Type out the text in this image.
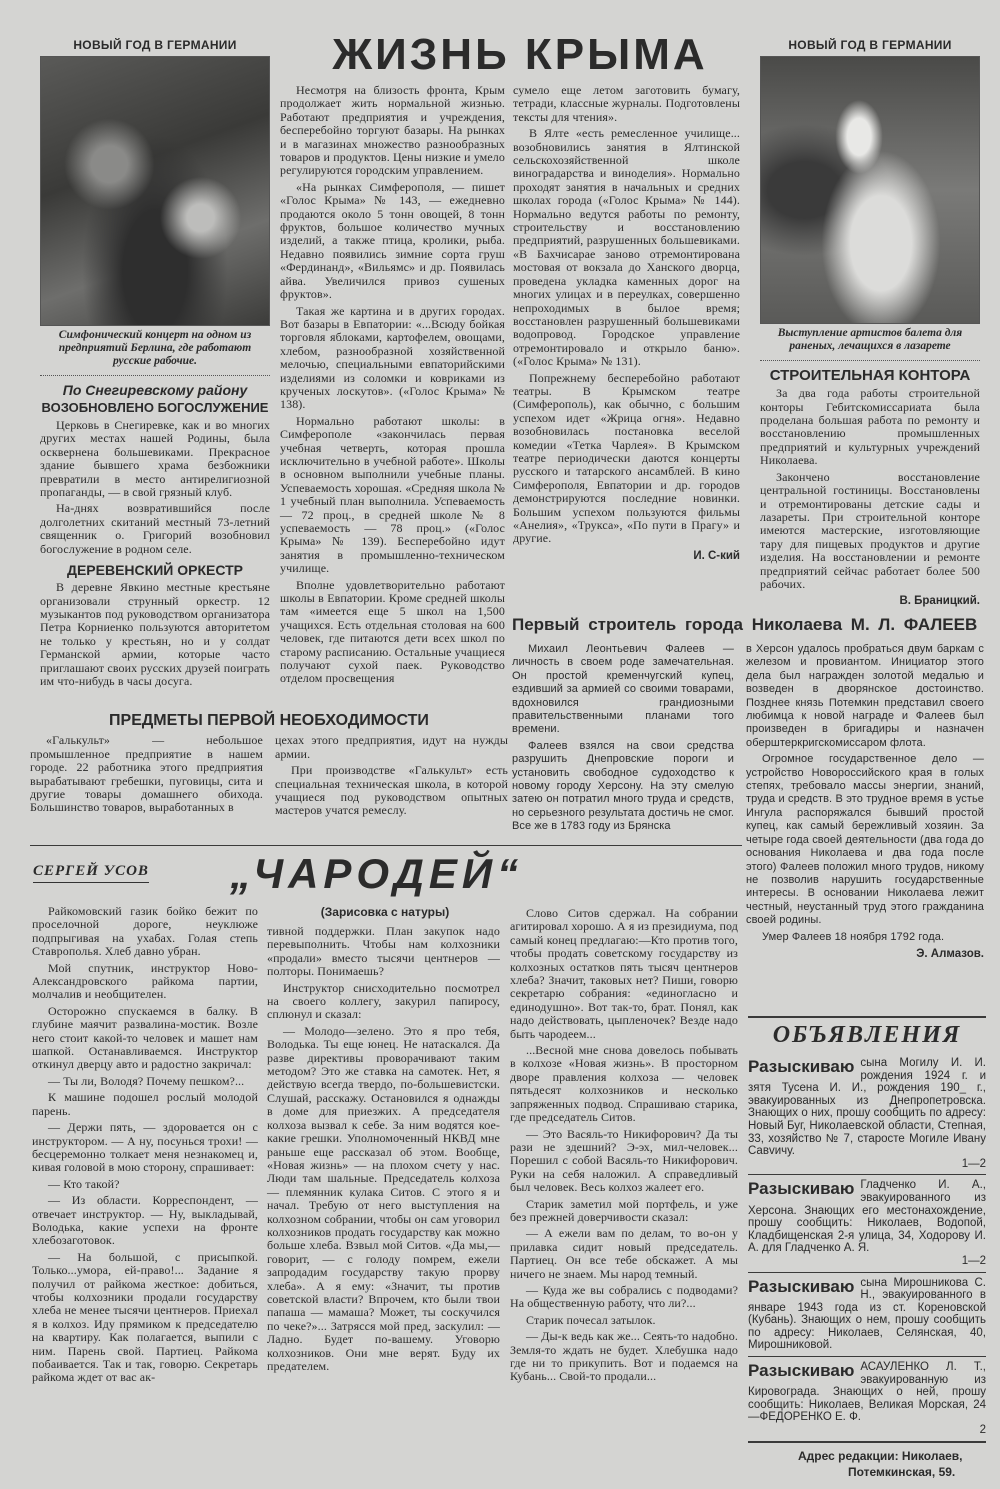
ЖИЗНЬ КРЫМА
НОВЫЙ ГОД В ГЕРМАНИИ
Симфонический концерт на одном из предприятий Берлина, где работают русские рабочие.
По Снегиревскому району
ВОЗОБНОВЛЕНО БОГОСЛУЖЕНИЕ

Церковь в Снегиревке, как и во многих других местах нашей Родины, была осквернена большевиками. Прекрасное здание бывшего храма безбожники превратили в место антирелигиозной пропаганды, — в свой грязный клуб.

На-днях возвратившийся после долголетних скитаний местный 73-летний священник о. Григорий возобновил богослужение в родном селе.

ДЕРЕВЕНСКИЙ ОРКЕСТР

В деревне Явкино местные крестьяне организовали струнный оркестр. 12 музыкантов под руководством организатора Петра Корниенко пользуются авторитетом не только у крестьян, но и у солдат Германской армии, которые часто приглашают своих русских друзей поиграть им что-нибудь в часы досуга.

Несмотря на близость фронта, Крым продолжает жить нормальной жизнью. Работают предприятия и учреждения, бесперебойно торгуют базары. На рынках и в магазинах множество разнообразных товаров и продуктов. Цены низкие и умело регулируются городским управлением.

«На рынках Симферополя, — пишет «Голос Крыма» № 143, — ежедневно продаются около 5 тонн овощей, 8 тонн фруктов, большое количество мучных изделий, а также птица, кролики, рыба. Недавно появились зимние сорта груш «Фердинанд», «Вильямс» и др. Появилась айва. Увеличился привоз сушеных фруктов».

Такая же картина и в других городах. Вот базары в Евпатории: «...Всюду бойкая торговля яблоками, картофелем, овощами, хлебом, разнообразной хозяйственной мелочью, специальными евпаторийскими изделиями из соломки и ковриками из крученых лоскутов». («Голос Крыма» № 138).

Нормально работают школы: в Симферополе «закончилась первая учебная четверть, которая прошла исключительно в учебной работе». Школы в основном выполнили учебные планы. Успеваемость хорошая. «Средняя школа № 1 учебный план выполнила. Успеваемость — 72 проц., в средней школе № 8 успеваемость — 78 проц.» («Голос Крыма» № 139). Бесперебойно идут занятия в промышленно-техническом училище.

Вполне удовлетворительно работают школы в Евпатории. Кроме средней школы там «имеется еще 5 школ на 1,500 учащихся. Есть отдельная столовая на 600 человек, где питаются дети всех школ по старому расписанию. Остальные учащиеся получают сухой паек. Руководство отделом просвещения

сумело еще летом заготовить бумагу, тетради, классные журналы. Подготовлены тексты для чтения».

В Ялте «есть ремесленное училище... возобновились занятия в Ялтинской сельскохозяйственной школе виноградарства и виноделия». Нормально проходят занятия в начальных и средних школах города («Голос Крыма» № 144). Нормально ведутся работы по ремонту, строительству и восстановлению предприятий, разрушенных большевиками. «В Бахчисарае заново отремонтирована мостовая от вокзала до Ханского дворца, проведена укладка каменных дорог на многих улицах и в переулках, совершенно непроходимых в былое время; восстановлен разрушенный большевиками водопровод. Городское управление отремонтировало и открыло баню». («Голос Крыма» № 131).

Попрежнему бесперебойно работают театры. В Крымском театре (Симферополь), как обычно, с большим успехом идет «Жрица огня». Недавно возобновилась постановка веселой комедии «Тетка Чарлея». В Крымском театре периодически даются концерты русского и татарского ансамблей. В кино Симферополя, Евпатории и др. городов демонстрируются последние новинки. Большим успехом пользуются фильмы «Анелия», «Трукса», «По пути в Прагу» и другие.

И. С-кий
НОВЫЙ ГОД В ГЕРМАНИИ
Выступление артистов балета для раненых, лечащихся в лазарете
СТРОИТЕЛЬНАЯ КОНТОРА

За два года работы строительной конторы Гебитскомиссариата была проделана большая работа по ремонту и восстановлению промышленных предприятий и культурных учреждений Николаева.

Закончено восстановление центральной гостиницы. Восстановлены и отремонтированы детские сады и лазареты. При строительной конторе имеются мастерские, изготовляющие тару для пищевых продуктов и другие изделия. На восстановлении и ремонте предприятий сейчас работает более 500 рабочих.

В. Браницкий.
ПРЕДМЕТЫ ПЕРВОЙ НЕОБХОДИМОСТИ

«Галькульт» — небольшое промышленное предприятие в нашем городе. 22 работника этого предприятия вырабатывают гребешки, пуговицы, сита и другие товары домашнего обихода. Большинство товаров, выработанных в

цехах этого предприятия, идут на нужды армии.

При производстве «Галькульт» есть специальная техническая школа, в которой учащиеся под руководством опытных мастеров учатся ремеслу.

Первый строитель города Николаева М. Л. ФАЛЕЕВ

Михаил Леонтьевич Фалеев — личность в своем роде замечательная. Он простой кременчугский купец, ездивший за армией со своими товарами, вдохновился грандиозными правительственными планами того времени.

Фалеев взялся на свои средства разрушить Днепровские пороги и установить свободное судоходство к новому городу Херсону. На эту смелую затею он потратил много труда и средств, но серьезного результата достичь не смог. Все же в 1783 году из Брянска

в Херсон удалось пробраться двум баркам с железом и провиантом. Инициатор этого дела был награжден золотой медалью и возведен в дворянское достоинство. Позднее князь Потемкин представил своего любимца к новой награде и Фалеев был произведен в бригадиры и назначен оберштеркригскомиссаром флота.

Огромное государственное дело — устройство Новороссийского края в голых степях, требовало массы энергии, знаний, труда и средств. В это трудное время в устье Ингула распоряжался бывший простой купец, как самый бережливый хозяин. За четыре года своей деятельности (два года до основания Николаева и два года после этого) Фалеев положил много трудов, никому не позволив нарушить государственные интересы. В основании Николаева лежит честный, неустанный труд этого гражданина своей родины.

Умер Фалеев 18 ноября 1792 года.

Э. Алмазов.
СЕРГЕЙ УСОВ „ЧАРОДЕЙ“
(Зарисовка с натуры)

Райкомовский газик бойко бежит по проселочной дороге, неуклюже подпрыгивая на ухабах. Голая степь Ставрополья. Хлеб давно убран.

Мой спутник, инструктор Ново-Александровского райкома партии, молчалив и необщителен.

Осторожно спускаемся в балку. В глубине маячит развалина-мостик. Возле него стоит какой-то человек и машет нам шапкой. Останавливаемся. Инструктор откинул дверцу авто и радостно закричал:

— Ты ли, Володя? Почему пешком?...

К машине подошел рослый молодой парень.

— Держи пять, — здоровается он с инструктором. — А ну, посунься трохи! — бесцеремонно толкает меня незнакомец и, кивая головой в мою сторону, спрашивает:

— Кто такой?

— Из области. Корреспондент, — отвечает инструктор. — Ну, выкладывай, Володька, какие успехи на фронте хлебозаготовок.

— На большой, с присыпкой. Только...умора, ей-право!... Задание я получил от райкома жесткое: добиться, чтобы колхозники продали государству хлеба не менее тысячи центнеров. Приехал я в колхоз. Иду прямиком к председателю на квартиру. Как полагается, выпили с ним. Парень свой. Партиец. Райкома побаивается. Так и так, говорю. Секретарь райкома ждет от вас ак-

тивной поддержки. План закупок надо перевыполнить. Чтобы нам колхозники «продали» вместо тысячи центнеров — полторы. Понимаешь?

Инструктор снисходительно посмотрел на своего коллегу, закурил папиросу, сплюнул и сказал:

— Молодо—зелено. Это я про тебя, Володька. Ты еще юнец. Не натаскался. Да разве директивы проворачивают таким методом? Это же ставка на самотек. Нет, я действую всегда твердо, по-большевистски. Слушай, расскажу. Остановился я однажды в доме для приезжих. А председателя колхоза вызвал к себе. За ним водятся кое-какие грешки. Уполномоченный НКВД мне раньше еще рассказал об этом. Вообще, «Новая жизнь» — на плохом счету у нас. Люди там шальные. Председатель колхоза — племянник кулака Ситов. С этого я и начал. Требую от него выступления на колхозном собрании, чтобы он сам уговорил колхозников продать государству как можно больше хлеба. Взвыл мой Ситов. «Да мы,— говорит, — с голоду помрем, ежели запродадим государству такую прорву хлеба». А я ему: «Значит, ты против советской власти? Впрочем, кто были твои папаша — мамаша? Может, ты соскучился по чеке?»... Затрясся мой пред, заскулил: — Ладно. Будет по-вашему. Уговорю колхозников. Они мне верят. Буду их предателем.

Слово Ситов сдержал. На собрании агитировал хорошо. А я из президиума, под самый конец предлагаю:—Кто против того, чтобы продать советскому государству из колхозных остатков пять тысяч центнеров хлеба? Значит, таковых нет? Пиши, говорю секретарю собрания: «единогласно и единодушно». Вот так-то, брат. Понял, как надо действовать, цыпленочек? Везде надо быть чародеем...

...Весной мне снова довелось побывать в колхозе «Новая жизнь». В просторном дворе правления колхоза — человек пятьдесят колхозников и несколько запряженных подвод. Спрашиваю старика, где председатель Ситов.

— Это Васяль-то Никифорович? Да ты рази не здешний? Э-эх, мил-человек... Порешил с собой Васяль-то Никифорович. Руки на себя наложил. А справедливый был человек. Весь колхоз жалеет его.

Старик заметил мой портфель, и уже без прежней доверчивости сказал:

— А ежели вам по делам, то во-он у прилавка сидит новый председатель. Партиец. Он все тебе обскажет. А мы ничего не знаем. Мы народ темный.

— Куда же вы собрались с подводами? На общественную работу, что ли?...

Старик почесал затылок.

— Ды-к ведь как же... Сеять-то надобно. Земля-то ждать не будет. Хлебушка надо где ни то прикупить. Вот и подаемся на Кубань... Свой-то продали...

ОБЪЯВЛЕНИЯ
Разыскиваю сына Могилу И. И. рождения 1924 г. и зятя Тусена И. И., рождения 190_ г., эвакуированных из Днепропетровска. Знающих о них, прошу сообщить по адресу: Новый Буг, Николаевской области, Степная, 33, хозяйство № 7, старосте Могиле Ивану Савvичу.
1—2
Разыскиваю Гладченко И. А., эвакуированного из Херсона. Знающих его местонахождение, прошу сообщить: Николаев, Водопой, Кладбищенская 2-я улица, 34, Ходорову И. А. для Гладченко А. Я.
1—2
Разыскиваю сына Мирошникова С. Н., эвакуированного в январе 1943 года из ст. Кореновской (Кубань). Знающих о нем, прошу сообщить по адресу: Николаев, Селянская, 40, Мирошниковой.
Разыскиваю АСАУЛЕНКО Л. Т., эвакуированную из Кировограда. Знающих о ней, прошу сообщить: Николаев, Великая Морская, 24—ФЕДОРЕНКО Е. Ф.
2
Адрес редакции: Николаев,
Потемкинская, 59.
